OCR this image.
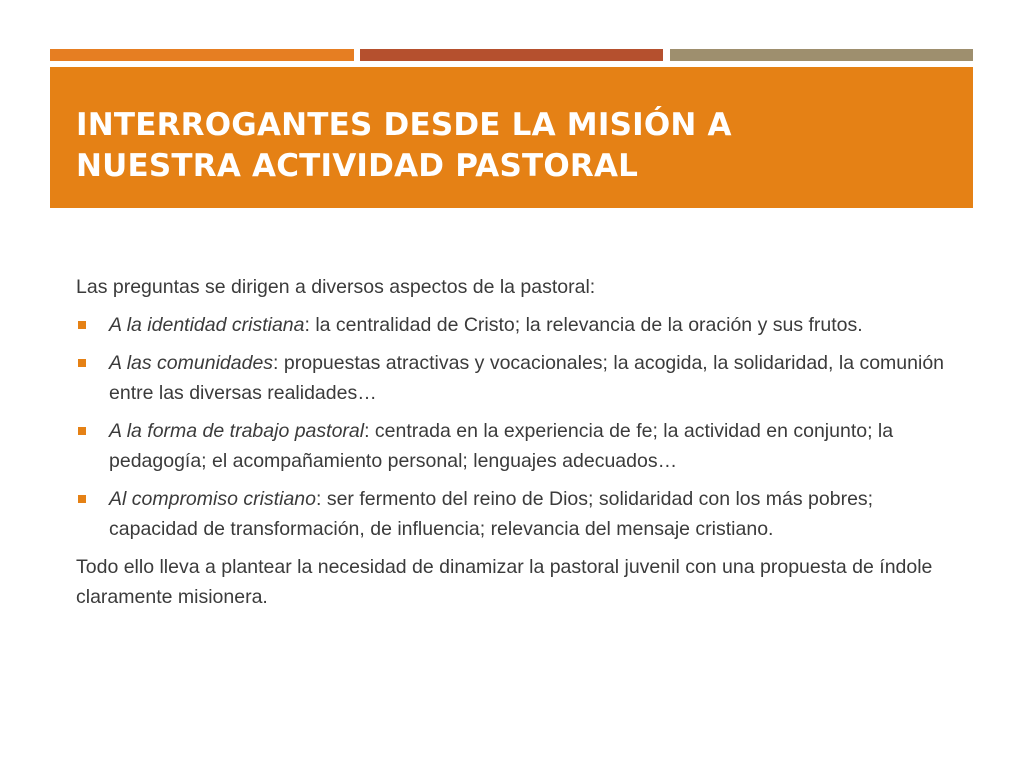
INTERROGANTES DESDE LA MISIÓN A
NUESTRA ACTIVIDAD PASTORAL

Las preguntas se dirigen a diversos aspectos de la pastoral:

A la identidad cristiana: la centralidad de Cristo; la relevancia de la oración y sus frutos.
A las comunidades: propuestas atractivas y vocacionales; la acogida, la solidaridad, la comunión entre las diversas realidades…
A la forma de trabajo pastoral: centrada en la experiencia de fe; la actividad en conjunto; la pedagogía; el acompañamiento personal; lenguajes adecuados…
Al compromiso cristiano: ser fermento del reino de Dios; solidaridad con los más pobres; capacidad de transformación, de influencia; relevancia del mensaje cristiano.

Todo ello lleva a plantear la necesidad de dinamizar la pastoral juvenil con una propuesta de índole claramente misionera.
